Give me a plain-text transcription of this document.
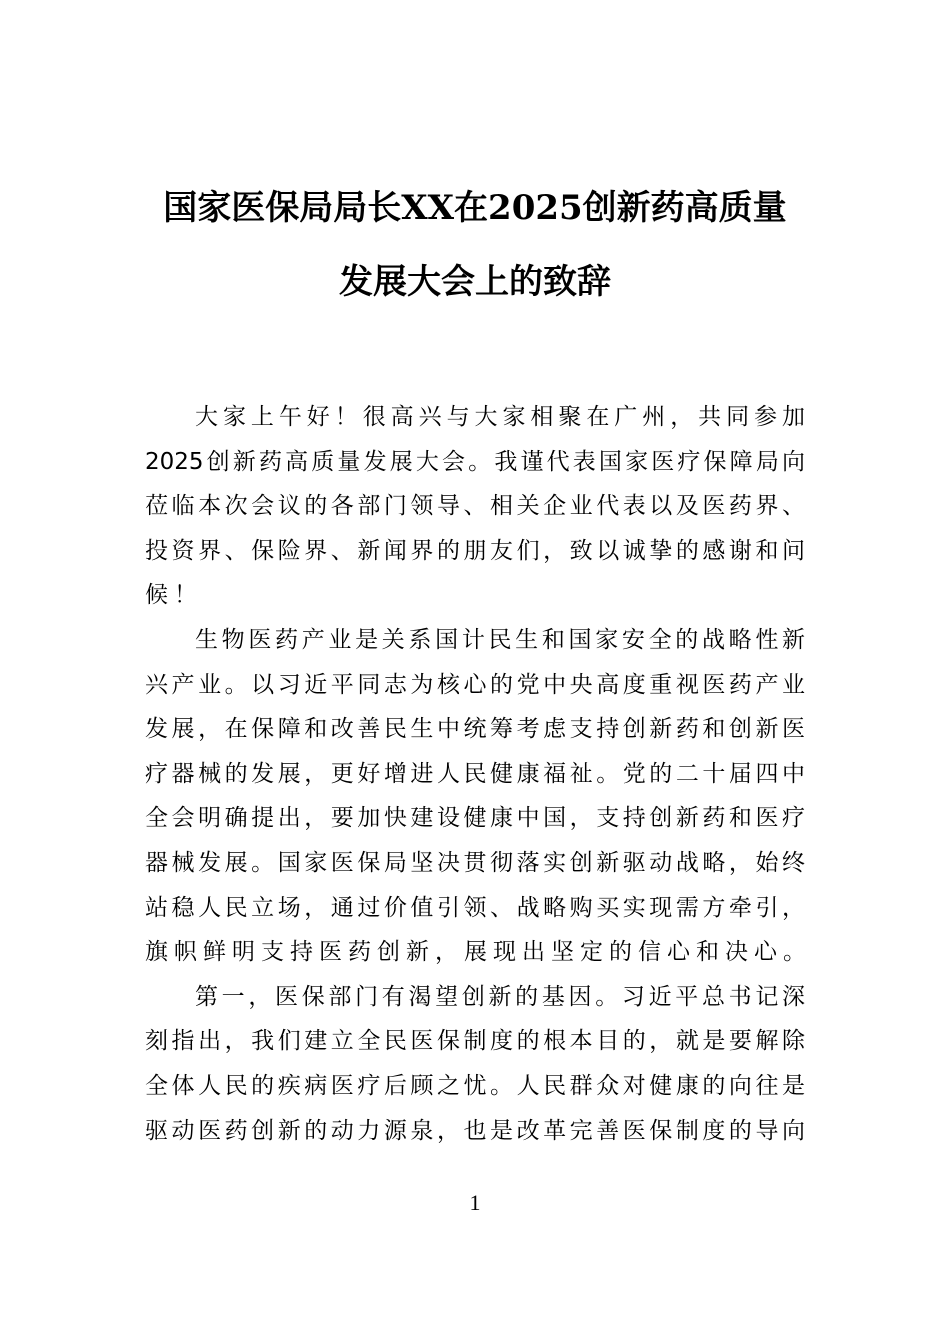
国家医保局局长XX在2025创新药高质量
发展大会上的致辞
大家上午好！很高兴与大家相聚在广州，共同参加
2025创新药高质量发展大会。我谨代表国家医疗保障局向
莅临本次会议的各部门领导、相关企业代表以及医药界、
投资界、保险界、新闻界的朋友们，致以诚挚的感谢和问
候！
生物医药产业是关系国计民生和国家安全的战略性新
兴产业。以习近平同志为核心的党中央高度重视医药产业
发展，在保障和改善民生中统筹考虑支持创新药和创新医
疗器械的发展，更好增进人民健康福祉。党的二十届四中
全会明确提出，要加快建设健康中国，支持创新药和医疗
器械发展。国家医保局坚决贯彻落实创新驱动战略，始终
站稳人民立场，通过价值引领、战略购买实现需方牵引，
旗帜鲜明支持医药创新，展现出坚定的信心和决心。
第一，医保部门有渴望创新的基因。习近平总书记深
刻指出，我们建立全民医保制度的根本目的，就是要解除
全体人民的疾病医疗后顾之忧。人民群众对健康的向往是
驱动医药创新的动力源泉，也是改革完善医保制度的导向
1
